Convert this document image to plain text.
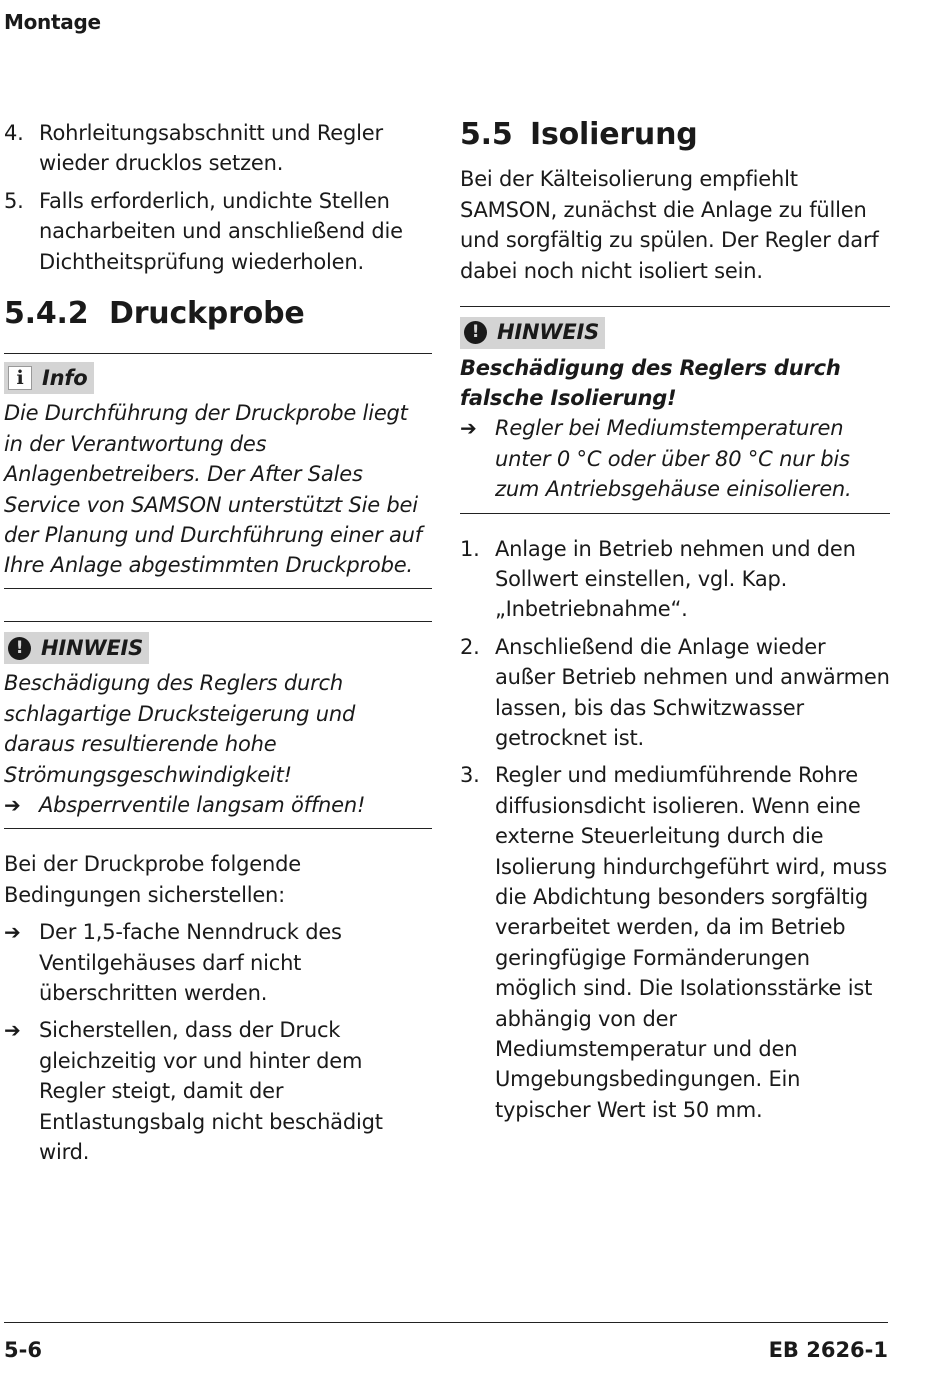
Montage
4. Rohrleitungsabschnitt und Regler wieder drucklos setzen.
5. Falls erforderlich, undichte Stellen nacharbeiten und anschließend die Dichtheitsprüfung wiederholen.
5.4.2 Druckprobe
i Info
Die Durchführung der Druckprobe liegt in der Verantwortung des Anlagenbetreibers. Der After Sales Service von SAMSON unterstützt Sie bei der Planung und Durchführung einer auf Ihre Anlage abgestimmten Druckprobe.
! HINWEIS
Beschädigung des Reglers durch schlagartige Drucksteigerung und daraus resultierende hohe Strömungsgeschwindigkeit!
➔ Absperrventile langsam öffnen!
Bei der Druckprobe folgende Bedingungen sicherstellen:
➔ Der 1,5-fache Nenndruck des Ventilgehäuses darf nicht überschritten werden.
➔ Sicherstellen, dass der Druck gleichzeitig vor und hinter dem Regler steigt, damit der Entlastungsbalg nicht beschädigt wird.
5.5 Isolierung
Bei der Kälteisolierung empfiehlt SAMSON, zunächst die Anlage zu füllen und sorgfältig zu spülen. Der Regler darf dabei noch nicht isoliert sein.
! HINWEIS
Beschädigung des Reglers durch falsche Isolierung!
➔ Regler bei Mediumstemperaturen unter 0 °C oder über 80 °C nur bis zum Antriebsgehäuse einisolieren.
1. Anlage in Betrieb nehmen und den Sollwert einstellen, vgl. Kap. „Inbetriebnahme“.
2. Anschließend die Anlage wieder außer Betrieb nehmen und anwärmen lassen, bis das Schwitzwasser getrocknet ist.
3. Regler und mediumführende Rohre diffusionsdicht isolieren. Wenn eine externe Steuerleitung durch die Isolierung hindurchgeführt wird, muss die Abdichtung besonders sorgfältig verarbeitet werden, da im Betrieb geringfügige Formänderungen möglich sind. Die Isolationsstärke ist abhängig von der Mediumstemperatur und den Umgebungsbedingungen. Ein typischer Wert ist 50 mm.
5-6	EB 2626-1
